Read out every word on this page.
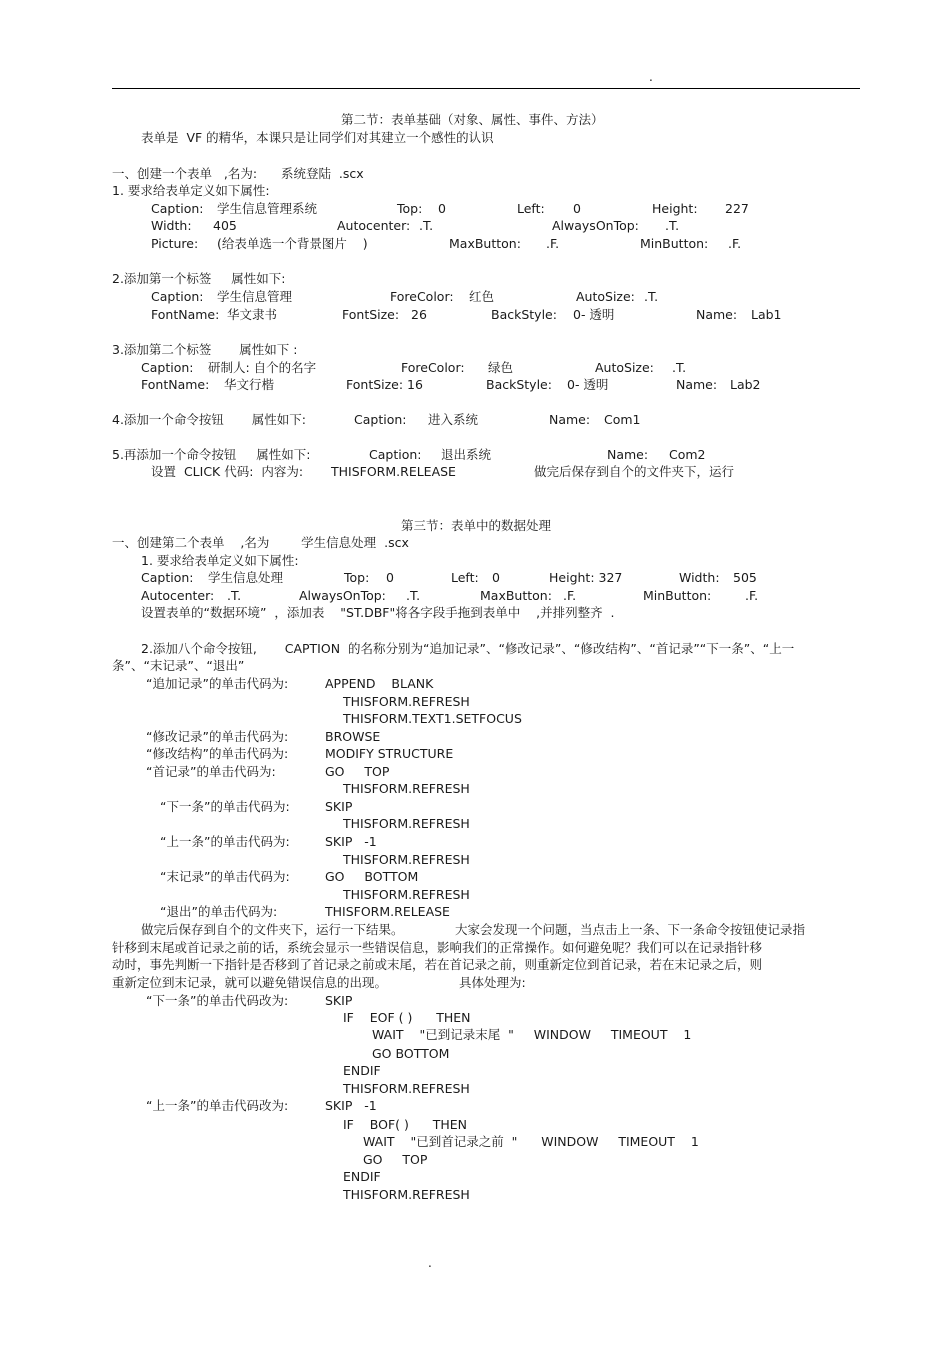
.
第二节：表单基础（对象、属性、事件、方法）
表单是  VF 的精华，本课只是让同学们对其建立一个感性的认识
一、创建一个表单   ,名为:      系统登陆  .scx
1. 要求给表单定义如下属性:
Caption: 学生信息管理系统	Top: 0	Left: 0	Height: 227
Width: 405	Autocenter: .T.	AlwaysOnTop: .T.
Picture: (给表单选一个背景图片    )	MaxButton: .F.	MinButton: .F.
2.添加第一个标签     属性如下:
Caption: 学生信息管理	ForeColor: 红色	AutoSize: .T.
FontName: 华文隶书	FontSize: 26	BackStyle: 0- 透明	Name: Lab1
3.添加第二个标签       属性如下 :
Caption: 研制人: 自个的名字	ForeColor: 绿色	AutoSize: .T.
FontName: 华文行楷	FontSize: 16	BackStyle: 0- 透明	Name: Lab2
4.添加一个命令按钮       属性如下:	Caption: 进入系统	Name: Com1
5.再添加一个命令按钮     属性如下:	Caption: 退出系统	Name: Com2
设置  CLICK 代码:  内容为: THISFORM.RELEASE	做完后保存到自个的文件夹下，运行
第三节：表单中的数据处理
一、创建第二个表单    ,名为        学生信息处理  .scx
1. 要求给表单定义如下属性:
Caption: 学生信息处理	Top: 0	Left: 0	Height: 327	Width: 505
Autocenter: .T.	AlwaysOnTop: .T.	MaxButton: .F.	MinButton:	.F.
设置表单的“数据环境”  ，添加表    "ST.DBF"将各字段手拖到表单中    ,并排列整齐  .
2.添加八个命令按钮,       CAPTION  的名称分别为“追加记录”、“修改记录”、“修改结构”、“首记录”“下一条”、“上一
条”、“末记录”、“退出”
“追加记录”的单击代码为:	APPEND    BLANK
THISFORM.REFRESH
THISFORM.TEXT1.SETFOCUS
“修改记录”的单击代码为:	BROWSE
“修改结构”的单击代码为:	MODIFY STRUCTURE
“首记录”的单击代码为:	GO     TOP
THISFORM.REFRESH
“下一条”的单击代码为:	SKIP
THISFORM.REFRESH
“上一条”的单击代码为:	SKIP   -1
THISFORM.REFRESH
“末记录”的单击代码为:	GO     BOTTOM
THISFORM.REFRESH
“退出”的单击代码为:	THISFORM.RELEASE
做完后保存到自个的文件夹下，运行一下结果。	大家会发现一个问题，当点击上一条、下一条命令按钮使记录指
针移到末尾或首记录之前的话，系统会显示一些错误信息，影响我们的正常操作。如何避免呢？我们可以在记录指针移
动时，事先判断一下指针是否移到了首记录之前或末尾，若在首记录之前，则重新定位到首记录，若在末记录之后，则
重新定位到末记录，就可以避免错误信息的出现。	具体处理为:
“下一条”的单击代码改为:	SKIP
IF    EOF ( )      THEN
WAIT    "已到记录末尾  "     WINDOW     TIMEOUT    1
GO BOTTOM
ENDIF
THISFORM.REFRESH
“上一条”的单击代码改为:	SKIP   -1
IF    BOF( )      THEN
WAIT    "已到首记录之前  "      WINDOW     TIMEOUT    1
GO     TOP
ENDIF
THISFORM.REFRESH
.
